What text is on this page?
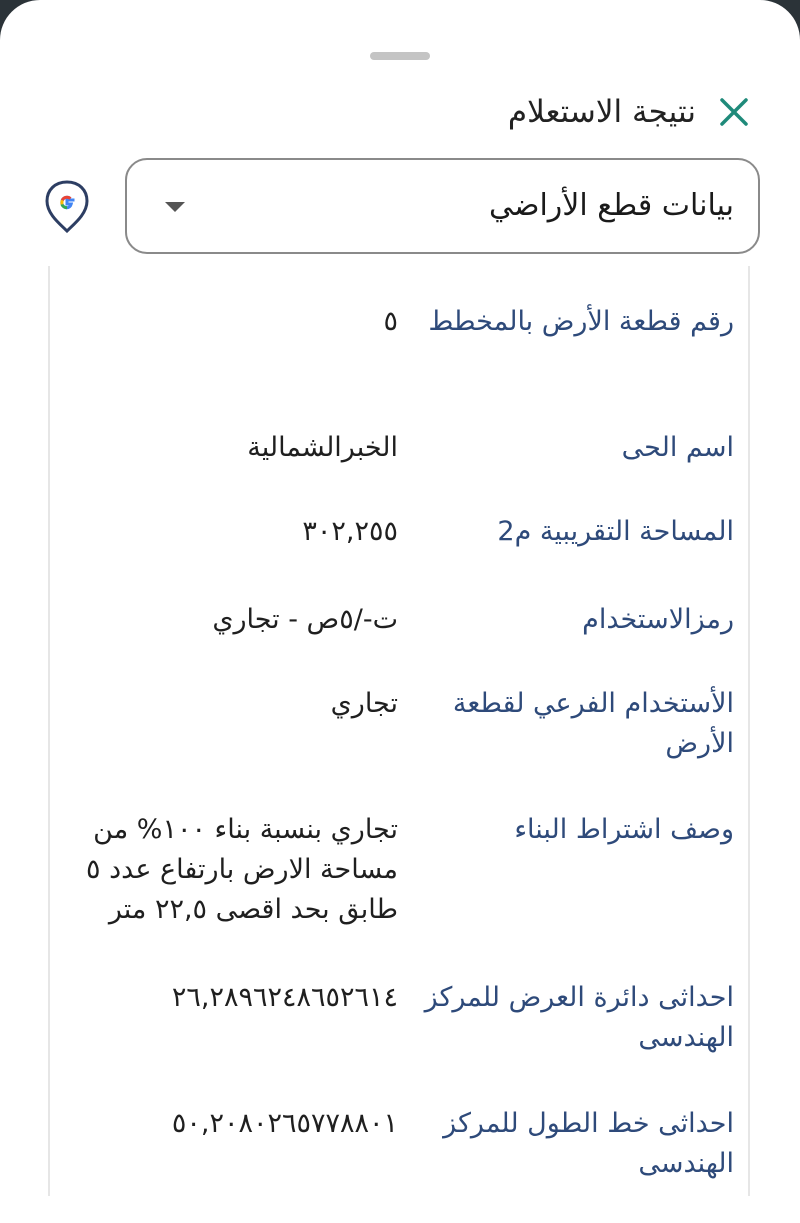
نتيجة الاستعلام
بيانات قطع الأراضي
رقم قطعة الأرض بالمخطط
٥
اسم الحى
الخبرالشمالية
المساحة التقريبية م2
٣٠٢,٢٥٥
رمزالاستخدام
ت-/٥ص - تجاري
الأستخدام الفرعي لقطعة الأرض
تجاري
وصف اشتراط البناء
تجاري بنسبة بناء ١٠٠% من مساحة الارض بارتفاع عدد ٥ طابق بحد اقصى ٢٢,٥ متر
احداثى دائرة العرض للمركز الهندسى
٢٦,٢٨٩٦٢٤٨٦٥٢٦١٤
احداثى خط الطول للمركز الهندسى
٥٠,٢٠٨٠٢٦٥٧٧٨٨٠١
